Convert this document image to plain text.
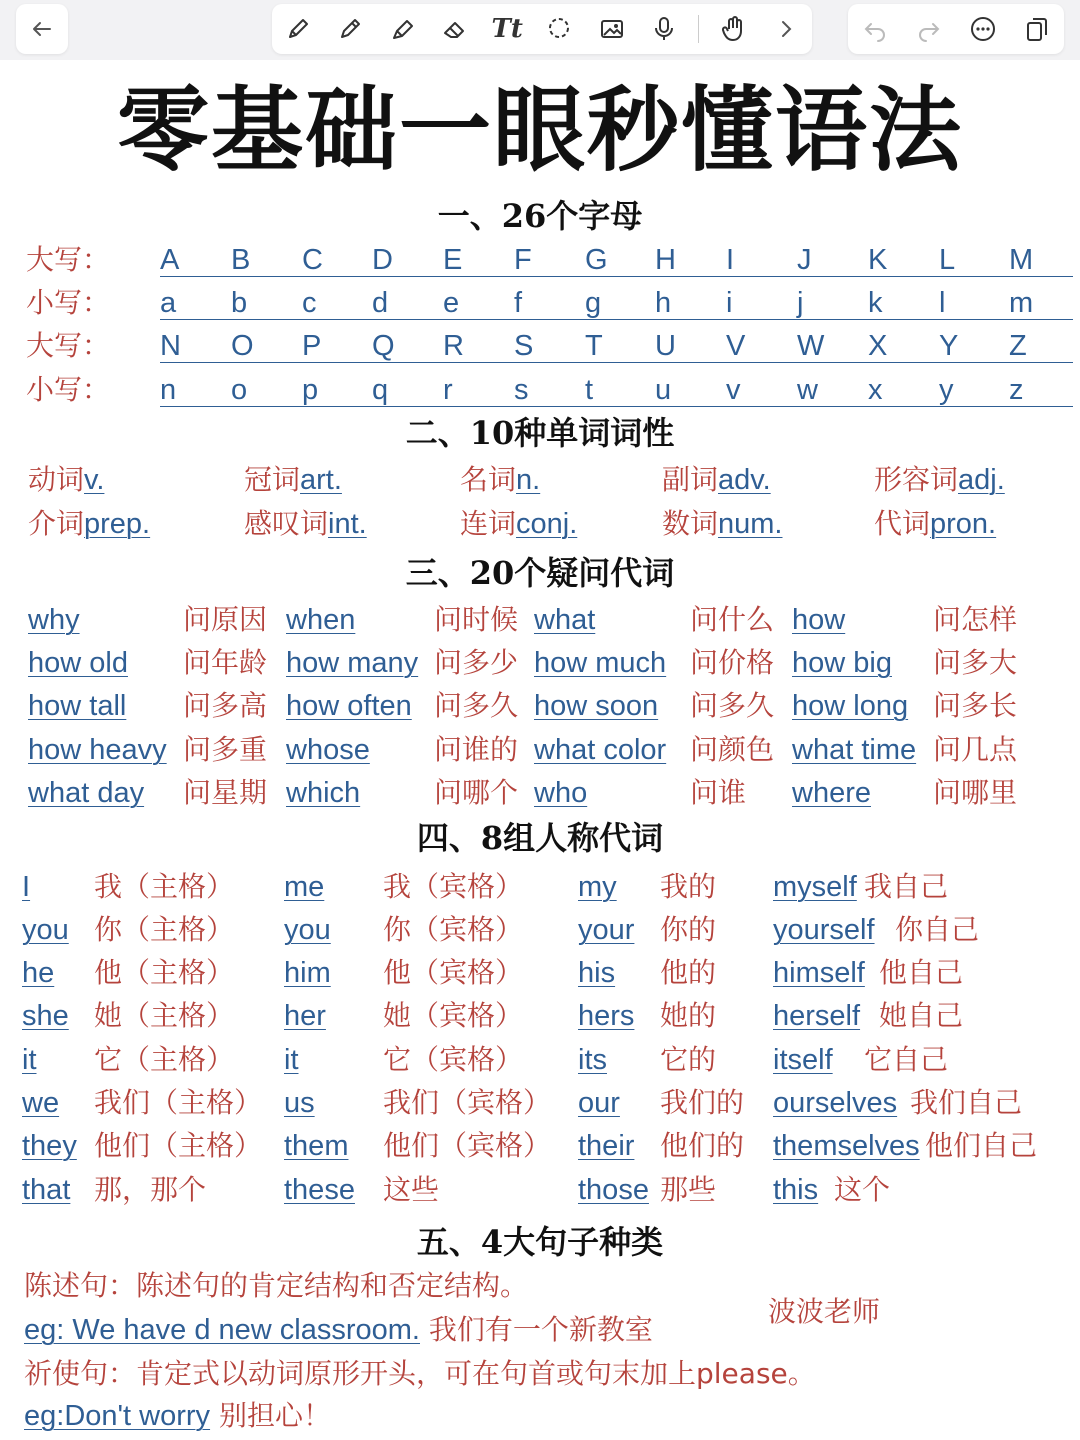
Tt
零基础一眼秒懂语法
一、26个字母
大写： A B C D E F G H I J K L M
小写： a b c d e f g h i j k l m
大写： N O P Q R S T U V W X Y Z
小写： n o p q r s t u v w x y z
二、10种单词词性
动词v.	冠词art.	名词n.	副词adv.	形容词adj.
介词prep.	感叹词int.	连词conj.	数词num.	代词pron.
三、20个疑问代词
why	问原因 when	问时候 what	问什么 how	问怎样
how old 问年龄 how many 问多少 how much 问价格 how big 问多大
how tall 问多高 how often 问多久 how soon 问多久 how long 问多长
how heavy 问多重 whose 问谁的 what color 问颜色 what time 问几点
what day 问星期 which	问哪个 who	问谁 where 问哪里
四、8组人称代词
I 我（主格） me 我（宾格） my 我的 myself 我自己
you 你（主格） you 你（宾格） your 你的 yourself 你自己
he 他（主格） him 他（宾格） his 他的 himself 他自己
she 她（主格） her 她（宾格） hers 她的 herself 她自己
it 它（主格） it	它（宾格） its 它的 itself 它自己
we 我们（主格） us 我们（宾格） our 我们的 ourselves 我们自己
they 他们（主格） them 他们（宾格） their 他们的 themselves 他们自己
that 那，那个	these 这些	those 那些 this 这个
五、4大句子种类
陈述句：陈述句的肯定结构和否定结构。
eg: We have d new classroom. 我们有一个新教室
波波老师
祈使句：肯定式以动词原形开头，可在句首或句末加上please。
eg:Don't worry 别担心！
